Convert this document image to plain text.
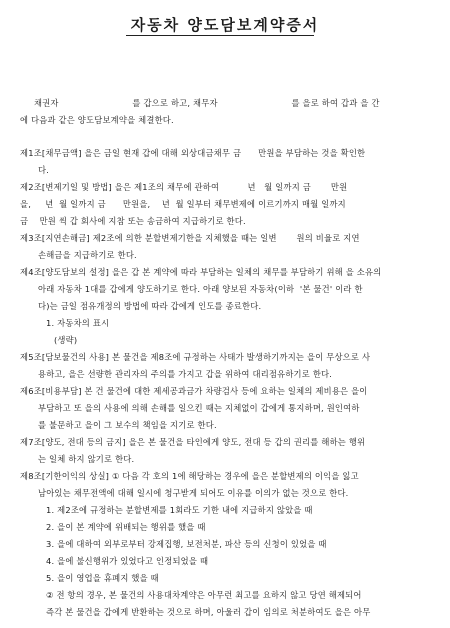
자동차 양도담보계약증서
채권자                          를 갑으로 하고, 채무자                          를 을로 하여 갑과 을 간
에 다음과 같은 양도담보계약을 체결한다.
제1조[채무금액] 을은 금일 현재 갑에 대해 외상대금채무 금      만원을 부담하는 것을 확인한
다.
제2조[변제기일 및 방법] 을은 제1조의 채무에 관하여          년   월 일까지 금       만원
을,     년  월 일까지 금      만원을,    년  월 일부터 채무변제에 이르기까지 매월 일까지
금    만원 씩 갑 회사에 지참 또는 송금하여 지급하기로 한다.
제3조[지연손해금] 제2조에 의한 분할변제기한을 지체했을 때는 일변       원의 비율로 지연
손해금을 지급하기로 한다.
제4조[양도담보의 설정] 을은 갑 본 계약에 따라 부담하는 일체의 채무를 부담하기 위해 을 소유의
아래 자동차 1대를 갑에게 양도하기로 한다. 아래 양보된 자동차(이하  '본 물건' 이라 한
다)는 금일 점유개정의 방법에 따라 갑에게 인도를 종료한다.
1. 자동차의 표시
(생략)
제5조[담보물건의 사용] 본 물건을 제8조에 규정하는 사태가 발생하기까지는 을이 무상으로 사
용하고, 을은 선량한 관리자의 주의를 가지고 갑을 위하여 대리점유하기로 한다.
제6조[비용부담] 본 건 물건에 대한 제세공과금가 차량검사 등에 요하는 일체의 제비용은 을이
부담하고 또 을의 사용에 의해 손해를 일으킨 때는 지체없이 갑에게 통지하며, 원인여하
를 불문하고 을이 그 보수의 책임을 지기로 한다.
제7조[양도, 전대 등의 금지] 을은 본 물건을 타인에게 양도, 전대 등 갑의 권리를 해하는 행위
는 일체 하지 않기로 한다.
제8조[기한이익의 상실] ① 다음 각 호의 1에 해당하는 경우에 을은 분할변제의 이익을 잃고
남아있는 채무전액에 대해 일시에 청구받게 되어도 이유를 이의가 없는 것으로 한다.
1. 제2조에 규정하는 분할변제를 1회라도 기한 내에 지급하지 않았을 때
2. 을이 본 계약에 위배되는 행위를 했을 때
3. 을에 대하여 외부로부터 강제집행, 보전처분, 파산 등의 신청이 있었을 때
4. 을에 불신행위가 있었다고 인정되었을 때
5. 을이 영업을 휴폐지 했을 때
② 전 항의 경우, 본 물건의 사용대차계약은 아무런 최고를 요하지 않고 당연 해제되어
즉각 본 물건을 갑에게 반환하는 것으로 하며, 아울러 갑이 임의로 처분하여도 을은 아무
